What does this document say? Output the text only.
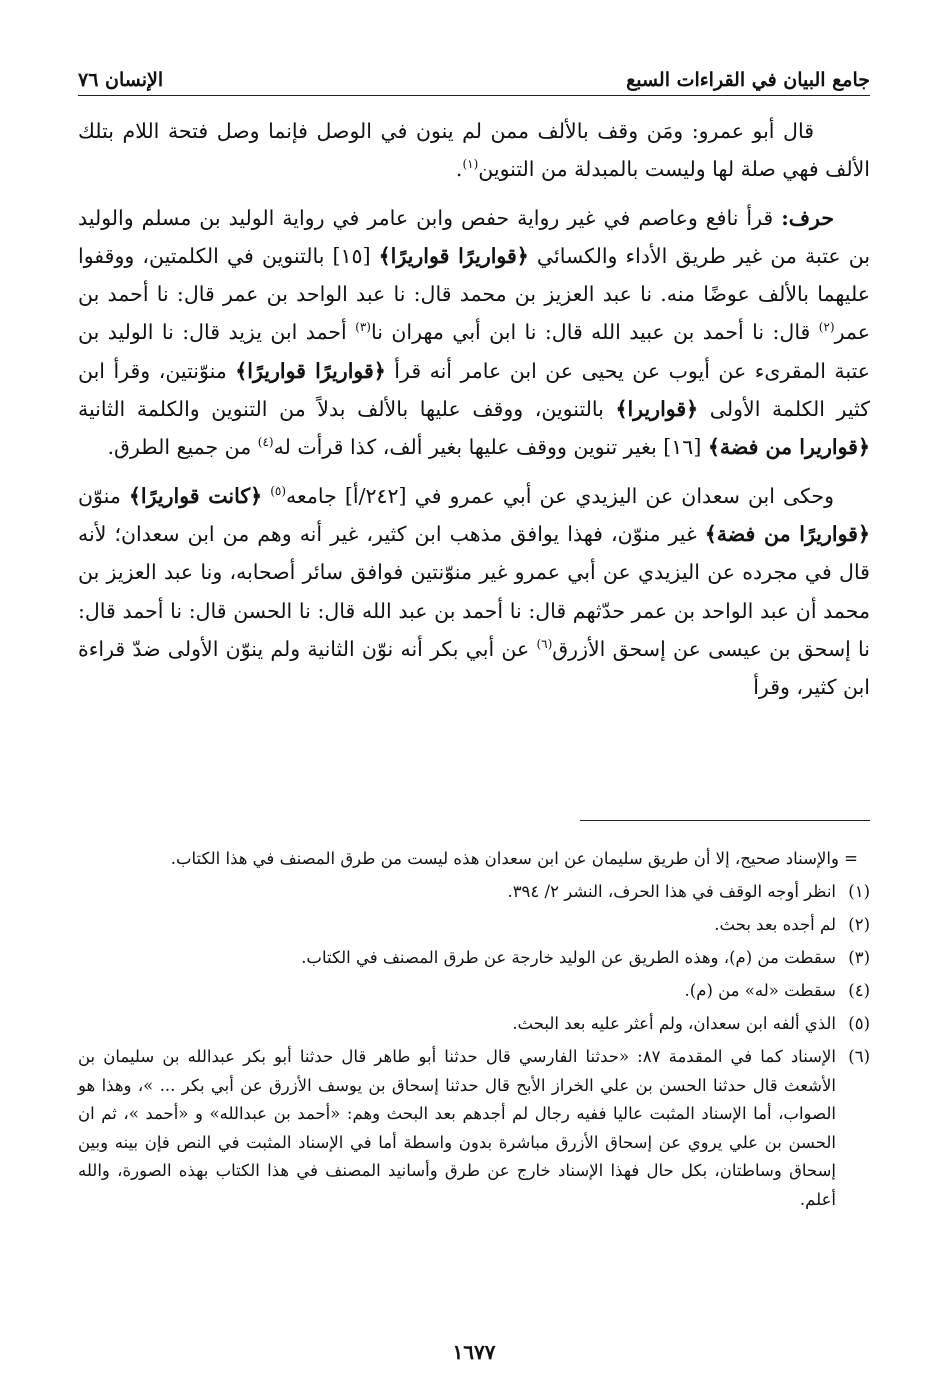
جامع البيان في القراءات السبع
الإنسان ٧٦

قال أبو عمرو: ومَن وقف بالألف ممن لم ينون في الوصل فإنما وصل فتحة اللام بتلك الألف فهي صلة لها وليست بالمبدلة من التنوين$^{(١)}$.

حرف: قرأ نافع وعاصم في غير رواية حفص وابن عامر في رواية الوليد بن مسلم والوليد بن عتبة من غير طريق الأداء والكسائي ﴿قواريرًا قواريرًا﴾ [١٥] بالتنوين في الكلمتين، ووقفوا عليهما بالألف عوضًا منه. نا عبد العزيز بن محمد قال: نا عبد الواحد بن عمر قال: نا أحمد بن عمر$^{(٢)}$ قال: نا أحمد بن عبيد الله قال: نا ابن أبي مهران نا$^{(٣)}$ أحمد ابن يزيد قال: نا الوليد بن عتبة المقرىء عن أيوب عن يحيى عن ابن عامر أنه قرأ ﴿قواريرًا قواريرًا﴾ منوّنتين، وقرأ ابن كثير الكلمة الأولى ﴿قواريرا﴾ بالتنوين، ووقف عليها بالألف بدلاً من التنوين والكلمة الثانية ﴿قواريرا من فضة﴾ [١٦] بغير تنوين ووقف عليها بغير ألف، كذا قرأت له$^{(٤)}$ من جميع الطرق.

وحكى ابن سعدان عن اليزيدي عن أبي عمرو في [٢٤٢/أ] جامعه$^{(٥)}$ ﴿كانت قواريرًا﴾ منوّن ﴿قواريرًا من فضة﴾ غير منوّن، فهذا يوافق مذهب ابن كثير، غير أنه وهم من ابن سعدان؛ لأنه قال في مجرده عن اليزيدي عن أبي عمرو غير منوّنتين فوافق سائر أصحابه، ونا عبد العزيز بن محمد أن عبد الواحد بن عمر حدّثهم قال: نا أحمد بن عبد الله قال: نا الحسن قال: نا أحمد قال: نا إسحق بن عيسى عن إسحق الأزرق$^{(٦)}$ عن أبي بكر أنه نوّن الثانية ولم ينوّن الأولى ضدّ قراءة ابن كثير، وقرأ

= والإسناد صحيح، إلا أن طريق سليمان عن ابن سعدان هذه ليست من طرق المصنف في هذا الكتاب.
(١)
انظر أوجه الوقف في هذا الحرف، النشر ٢/ ٣٩٤.
(٢)
لم أجده بعد بحث.
(٣)
سقطت من (م)، وهذه الطريق عن الوليد خارجة عن طرق المصنف في الكتاب.
(٤)
سقطت «له» من (م).
(٥)
الذي ألفه ابن سعدان، ولم أعثر عليه بعد البحث.
(٦)
الإسناد كما في المقدمة ٨٧: «حدثنا الفارسي قال حدثنا أبو طاهر قال حدثنا أبو بكر عبدالله بن سليمان بن الأشعث قال حدثنا الحسن بن علي الخراز الأبح قال حدثنا إسحاق بن يوسف الأزرق عن أبي بكر ... »، وهذا هو الصواب، أما الإسناد المثبت عاليا ففيه رجال لم أجدهم بعد البحث وهم: «أحمد بن عبدالله» و «أحمد »، ثم ان الحسن بن علي يروي عن إسحاق الأزرق مباشرة بدون واسطة أما في الإسناد المثبت في النص فإن بينه وبين إسحاق وساطتان، بكل حال فهذا الإسناد خارج عن طرق وأسانيد المصنف في هذا الكتاب بهذه الصورة، والله أعلم.
١٦٧٧
